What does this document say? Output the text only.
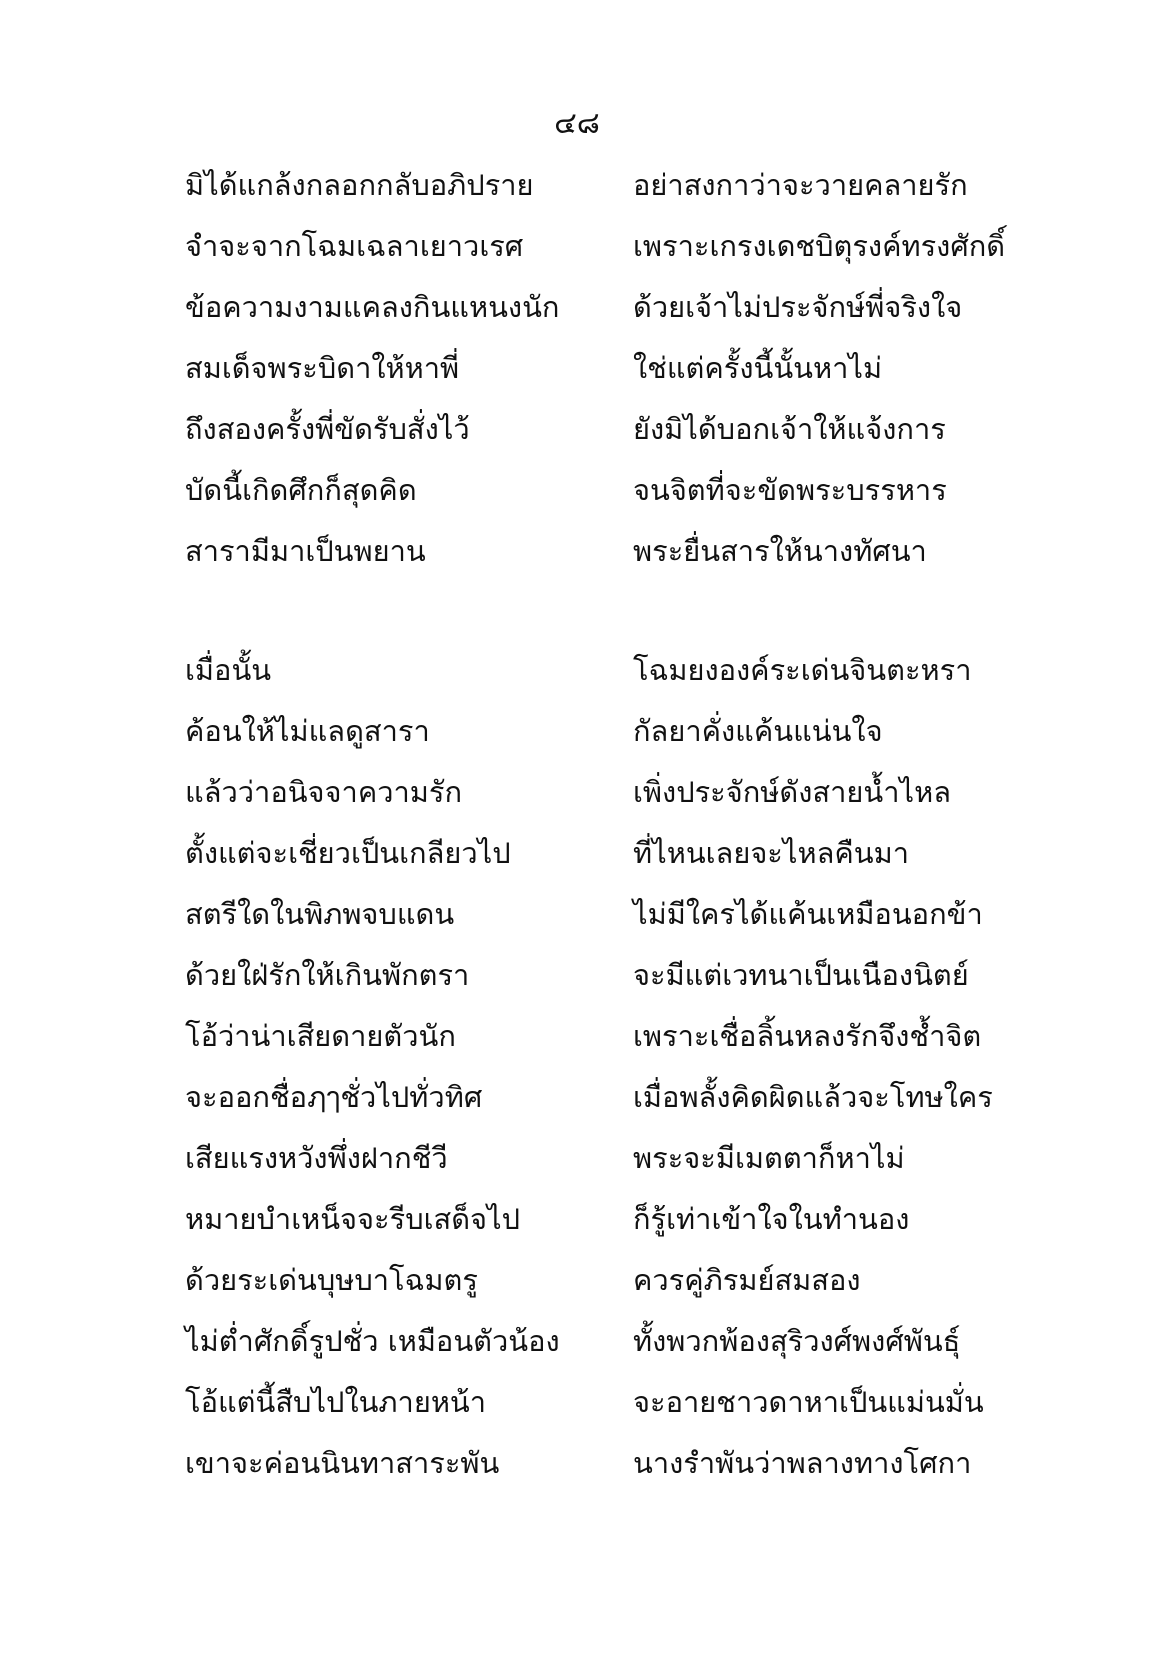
๔๘
มิได้แกล้งกลอกกลับอภิปราย	อย่าสงกาว่าจะวายคลายรัก
จำจะจากโฉมเฉลาเยาวเรศ	เพราะเกรงเดชบิตุรงค์ทรงศักดิ์
ข้อความงามแคลงกินแหนงนัก	ด้วยเจ้าไม่ประจักษ์พี่จริงใจ
สมเด็จพระบิดาให้หาพี่	ใช่แต่ครั้งนี้นั้นหาไม่
ถึงสองครั้งพี่ขัดรับสั่งไว้	ยังมิได้บอกเจ้าให้แจ้งการ
บัดนี้เกิดศึกก็สุดคิด	จนจิตที่จะขัดพระบรรหาร
สารามีมาเป็นพยาน	พระยื่นสารให้นางทัศนา
เมื่อนั้น	โฉมยงองค์ระเด่นจินตะหรา
ค้อนให้ไม่แลดูสารา	กัลยาคั่งแค้นแน่นใจ
แล้วว่าอนิจจาความรัก	เพิ่งประจักษ์ดังสายน้ำไหล
ตั้งแต่จะเชี่ยวเป็นเกลียวไป	ที่ไหนเลยจะไหลคืนมา
สตรีใดในพิภพจบแดน	ไม่มีใครได้แค้นเหมือนอกข้า
ด้วยใฝ่รักให้เกินพักตรา	จะมีแต่เวทนาเป็นเนืองนิตย์
โอ้ว่าน่าเสียดายตัวนัก	เพราะเชื่อลิ้นหลงรักจึงช้ำจิต
จะออกชื่อฦๅชั่วไปทั่วทิศ	เมื่อพลั้งคิดผิดแล้วจะโทษใคร
เสียแรงหวังพึ่งฝากชีวี	พระจะมีเมตตาก็หาไม่
หมายบำเหน็จจะรีบเสด็จไป	ก็รู้เท่าเข้าใจในทำนอง
ด้วยระเด่นบุษบาโฉมตรู	ควรคู่ภิรมย์สมสอง
ไม่ต่ำศักดิ์รูปชั่ว เหมือนตัวน้อง	ทั้งพวกพ้องสุริวงศ์พงศ์พันธุ์
โอ้แต่นี้สืบไปในภายหน้า	จะอายชาวดาหาเป็นแม่นมั่น
เขาจะค่อนนินทาสาระพัน	นางรำพันว่าพลางทางโศกา
